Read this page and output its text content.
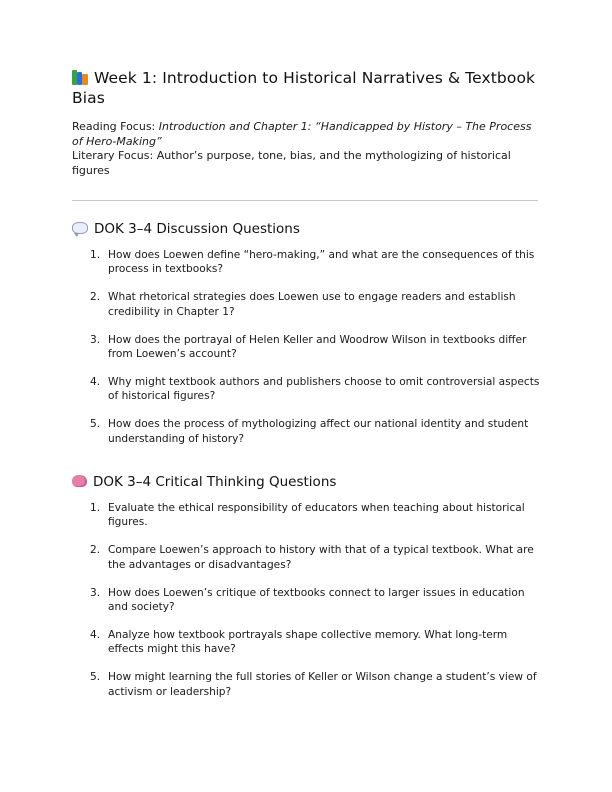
Week 1: Introduction to Historical Narratives & Textbook Bias
Reading Focus: Introduction and Chapter 1: “Handicapped by History – The Process of Hero-Making”
Literary Focus: Author’s purpose, tone, bias, and the mythologizing of historical figures
DOK 3–4 Discussion Questions
1. How does Loewen define “hero-making,” and what are the consequences of this process in textbooks?
2. What rhetorical strategies does Loewen use to engage readers and establish credibility in Chapter 1?
3. How does the portrayal of Helen Keller and Woodrow Wilson in textbooks differ from Loewen’s account?
4. Why might textbook authors and publishers choose to omit controversial aspects of historical figures?
5. How does the process of mythologizing affect our national identity and student understanding of history?
DOK 3–4 Critical Thinking Questions
1. Evaluate the ethical responsibility of educators when teaching about historical figures.
2. Compare Loewen’s approach to history with that of a typical textbook. What are the advantages or disadvantages?
3. How does Loewen’s critique of textbooks connect to larger issues in education and society?
4. Analyze how textbook portrayals shape collective memory. What long-term effects might this have?
5. How might learning the full stories of Keller or Wilson change a student’s view of activism or leadership?
